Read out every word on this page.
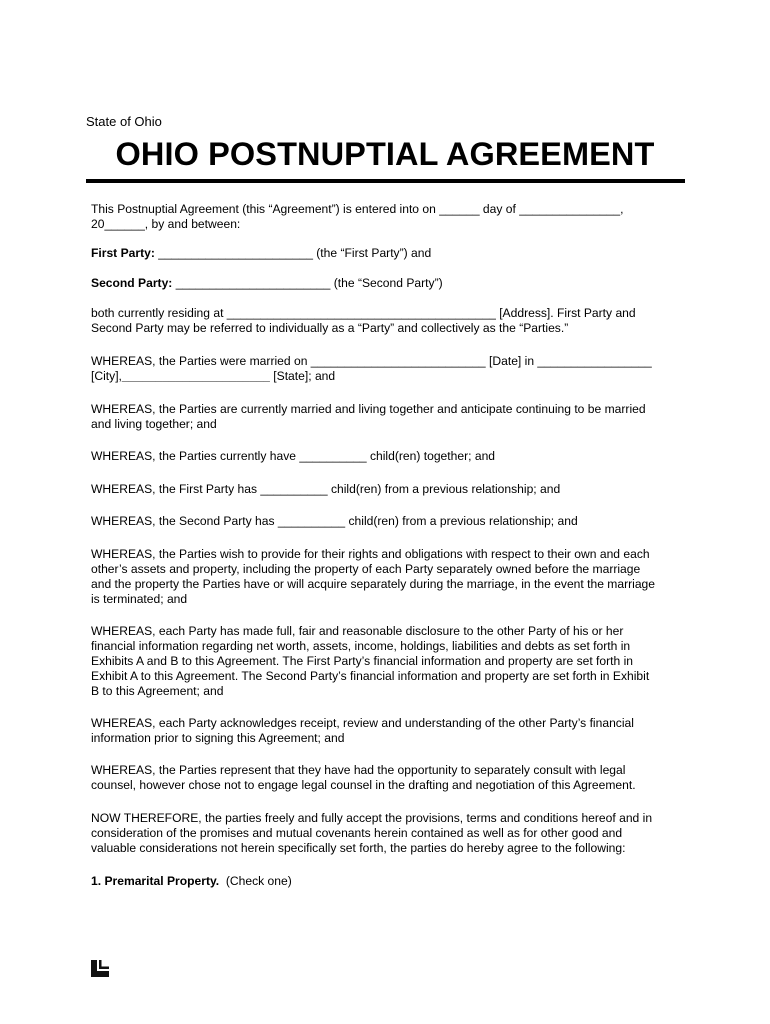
State of Ohio
OHIO POSTNUPTIAL AGREEMENT
This Postnuptial Agreement (this “Agreement”) is entered into on ______ day of _______________,
20______, by and between:
First Party: _______________________ (the “First Party”) and
Second Party: _______________________ (the “Second Party”)
both currently residing at ________________________________________ [Address]. First Party and
Second Party may be referred to individually as a “Party” and collectively as the “Parties.”
WHEREAS, the Parties were married on __________________________ [Date] in _________________
[City],______________________ [State]; and
WHEREAS, the Parties are currently married and living together and anticipate continuing to be married
and living together; and
WHEREAS, the Parties currently have __________ child(ren) together; and
WHEREAS, the First Party has __________ child(ren) from a previous relationship; and
WHEREAS, the Second Party has __________ child(ren) from a previous relationship; and
WHEREAS, the Parties wish to provide for their rights and obligations with respect to their own and each
other’s assets and property, including the property of each Party separately owned before the marriage
and the property the Parties have or will acquire separately during the marriage, in the event the marriage
is terminated; and
WHEREAS, each Party has made full, fair and reasonable disclosure to the other Party of his or her
financial information regarding net worth, assets, income, holdings, liabilities and debts as set forth in
Exhibits A and B to this Agreement. The First Party’s financial information and property are set forth in
Exhibit A to this Agreement. The Second Party’s financial information and property are set forth in Exhibit
B to this Agreement; and
WHEREAS, each Party acknowledges receipt, review and understanding of the other Party’s financial
information prior to signing this Agreement; and
WHEREAS, the Parties represent that they have had the opportunity to separately consult with legal
counsel, however chose not to engage legal counsel in the drafting and negotiation of this Agreement.
NOW THEREFORE, the parties freely and fully accept the provisions, terms and conditions hereof and in
consideration of the promises and mutual covenants herein contained as well as for other good and
valuable considerations not herein specifically set forth, the parties do hereby agree to the following:
1. Premarital Property.  (Check one)
